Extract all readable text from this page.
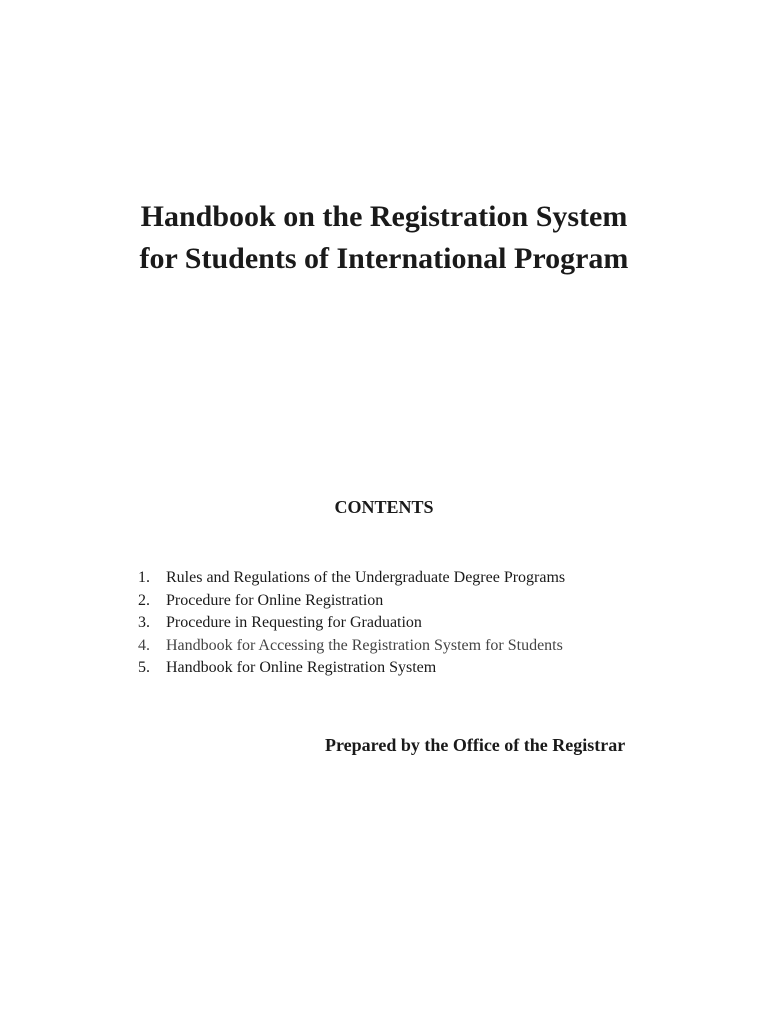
Handbook on the Registration System
for Students of International Program
CONTENTS
1. Rules and Regulations of the Undergraduate Degree Programs
2. Procedure for Online Registration
3. Procedure in Requesting for Graduation
4. Handbook for Accessing the Registration System for Students
5. Handbook for Online Registration System
Prepared by the Office of the Registrar
